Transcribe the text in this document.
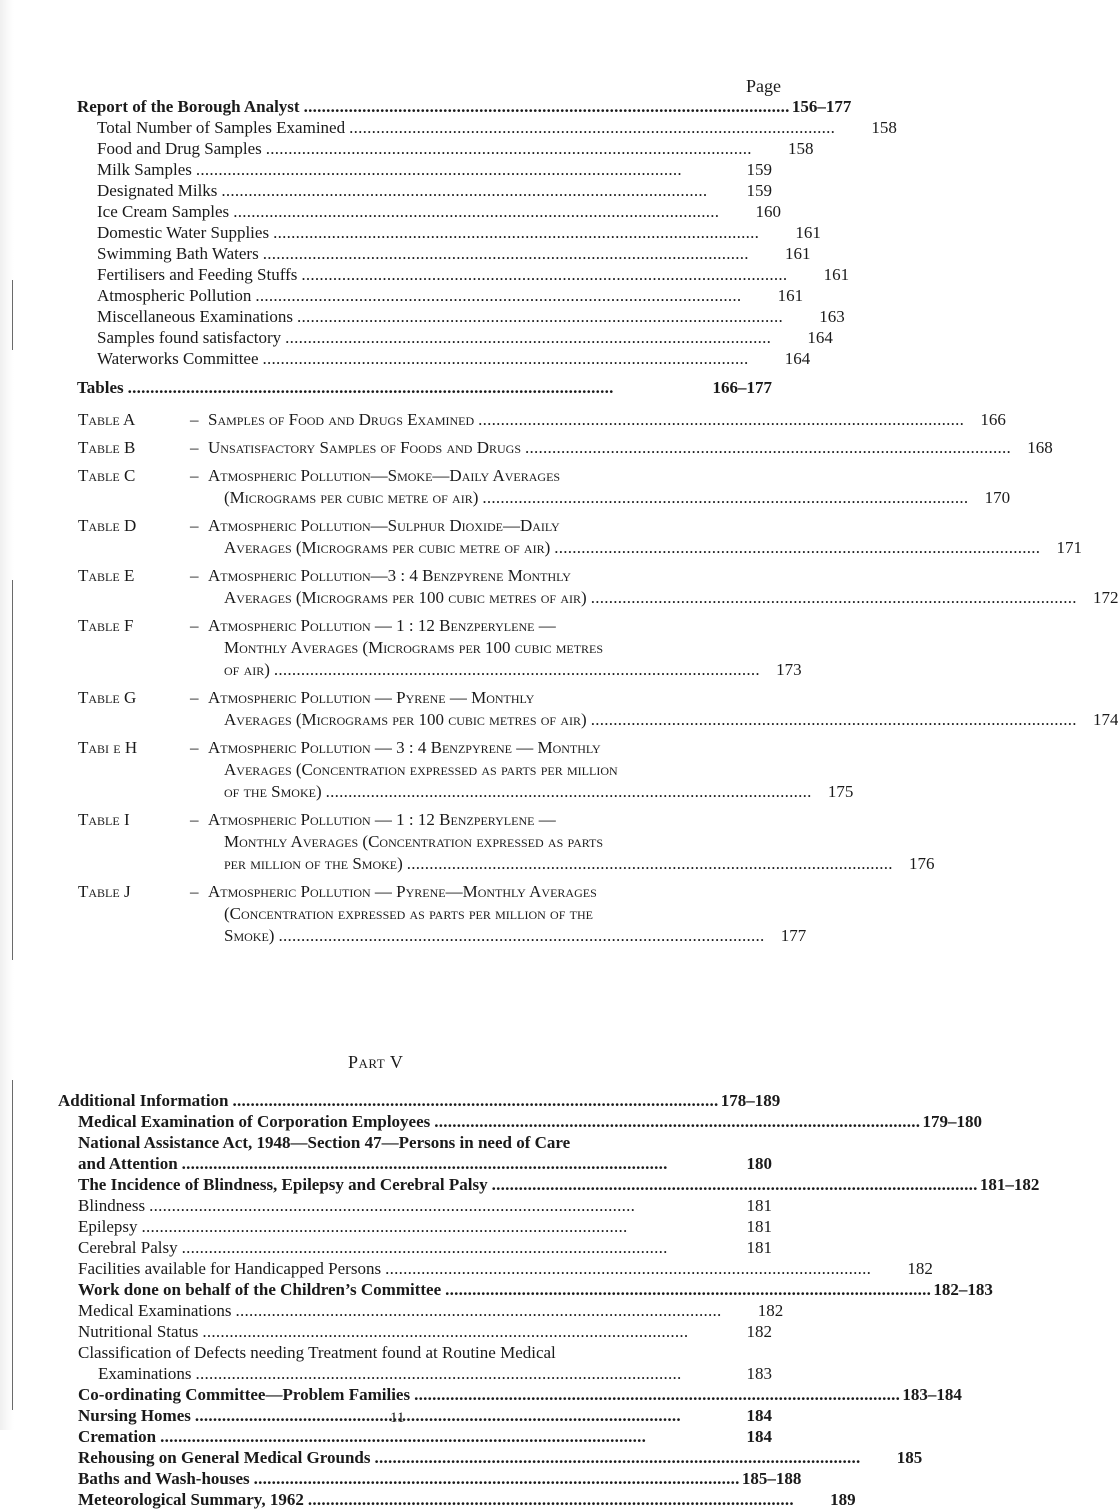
Page
Report of the Borough Analyst . . .	156–177
Total Number of Samples Examined . . .	158
Food and Drug Samples . . .	158
Milk Samples . . .	159
Designated Milks . . .	159
Ice Cream Samples . . .	160
Domestic Water Supplies . . .	161
Swimming Bath Waters . . .	161
Fertilisers and Feeding Stuffs . . .	161
Atmospheric Pollution . . .	161
Miscellaneous Examinations . . .	163
Samples found satisfactory . . .	164
Waterworks Committee . . .	164
Tables . . .	166–177
Table A	– Samples of Food and Drugs Examined . . .	166
Table B	– Unsatisfactory Samples of Foods and Drugs . . .	168
Table C	– Atmospheric Pollution—Smoke—Daily Averages
(Micrograms per cubic metre of air) . . .	170
Table D	– Atmospheric Pollution—Sulphur Dioxide—Daily
Averages (Micrograms per cubic metre of air) . . .	171
Table E	– Atmospheric Pollution—3 : 4 Benzpyrene Monthly
Averages (Micrograms per 100 cubic metres of air) . . .	172
Table F	– Atmospheric Pollution — 1 : 12 Benzperylene —
Monthly Averages (Micrograms per 100 cubic metres
of air) . . .	173
Table G	– Atmospheric Pollution — Pyrene — Monthly
Averages (Micrograms per 100 cubic metres of air) . . .	174
Tabi e H	– Atmospheric Pollution — 3 : 4 Benzpyrene — Monthly
Averages (Concentration expressed as parts per million
of the Smoke) . . .	175
Table I	– Atmospheric Pollution — 1 : 12 Benzperylene —
Monthly Averages (Concentration expressed as parts
per million of the Smoke) . . .	176
Table J	– Atmospheric Pollution — Pyrene—Monthly Averages
(Concentration expressed as parts per million of the
Smoke) . . .	177
Part V
Additional Information . . .	178–189
Medical Examination of Corporation Employees . . .	179–180
National Assistance Act, 1948—Section 47—Persons in need of Care
and Attention . . .	180
The Incidence of Blindness, Epilepsy and Cerebral Palsy . . .	181–182
Blindness . . .	181
Epilepsy . . .	181
Cerebral Palsy . . .	181
Facilities available for Handicapped Persons . . .	182
Work done on behalf of the Children’s Committee . . .	182–183
Medical Examinations . . .	182
Nutritional Status . . .	182
Classification of Defects needing Treatment found at Routine Medical
Examinations . . .	183
Co-ordinating Committee—Problem Families . . .	183–184
Nursing Homes . . .	184
Cremation . . .	184
Rehousing on General Medical Grounds . . .	185
Baths and Wash-houses . . .	185–188
Meteorological Summary, 1962 . . .	189
11
